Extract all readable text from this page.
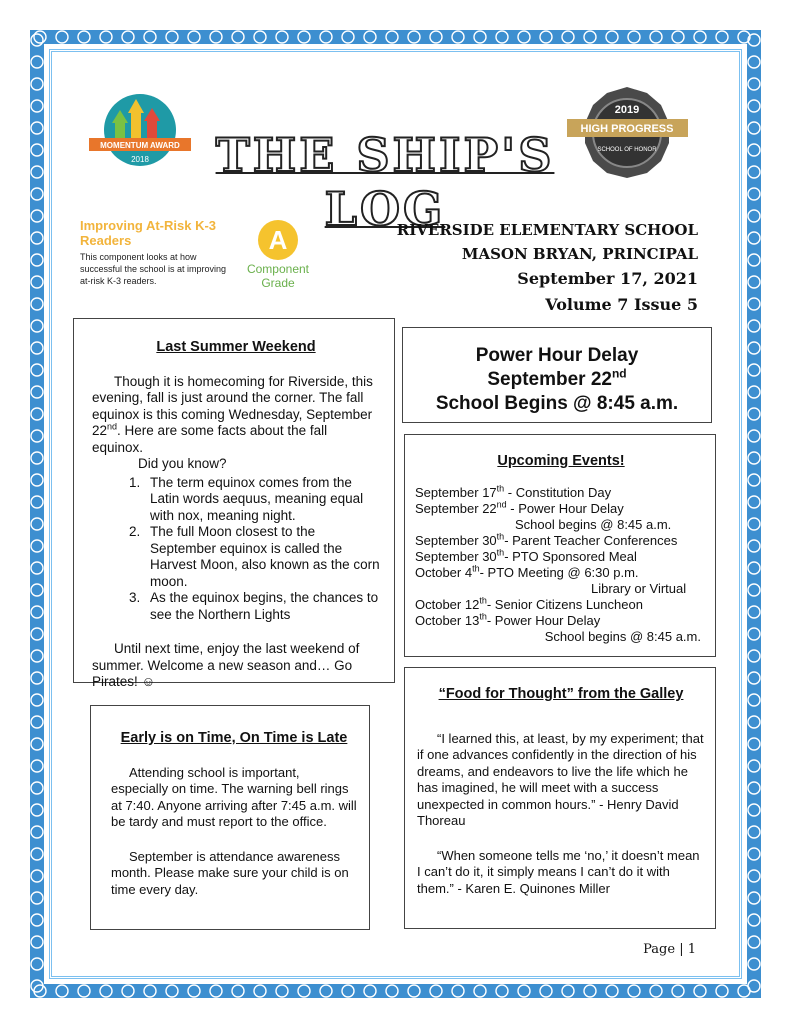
MOMENTUM AWARD
2018	THE SHIP'S LOG
2019
HIGH PROGRESS
SCHOOL OF HONOR
Improving At-Risk K-3 Readers
This component looks at how successful the school is at improving at-risk K-3 readers.
A
Component Grade
RIVERSIDE ELEMENTARY SCHOOL
MASON BRYAN, PRINCIPAL
September 17, 2021
Volume 7 Issue 5
Last Summer Weekend

Though it is homecoming for Riverside, this evening, fall is just around the corner. The fall equinox is this coming Wednesday, September 22nd. Here are some facts about the fall equinox.

Did you know?

1. The term equinox comes from the Latin words aequus, meaning equal with nox, meaning night.
2. The full Moon closest to the September equinox is called the Harvest Moon, also known as the corn moon.
3. As the equinox begins, the chances to see the Northern Lights

Until next time, enjoy the last weekend of summer. Welcome a new season and… Go Pirates! ☺

Power Hour Delay
September 22nd
School Begins @ 8:45 a.m.
Upcoming Events!
September 17th - Constitution Day
September 22nd - Power Hour Delay
School begins @ 8:45 a.m.
September 30th- Parent Teacher Conferences
September 30th- PTO Sponsored Meal
October 4th- PTO Meeting @ 6:30 p.m.
Library or Virtual
October 12th- Senior Citizens Luncheon
October 13th- Power Hour Delay
School begins @ 8:45 a.m.
“Food for Thought” from the Galley

“I learned this, at least, by my experiment; that if one advances confidently in the direction of his dreams, and endeavors to live the life which he has imagined, he will meet with a success unexpected in common hours.” - Henry David Thoreau

“When someone tells me ‘no,’ it doesn’t mean I can’t do it, it simply means I can’t do it with them.” - Karen E. Quinones Miller

Early is on Time, On Time is Late

Attending school is important, especially on time. The warning bell rings at 7:40. Anyone arriving after 7:45 a.m. will be tardy and must report to the office.

September is attendance awareness month. Please make sure your child is on time every day.

Page | 1
